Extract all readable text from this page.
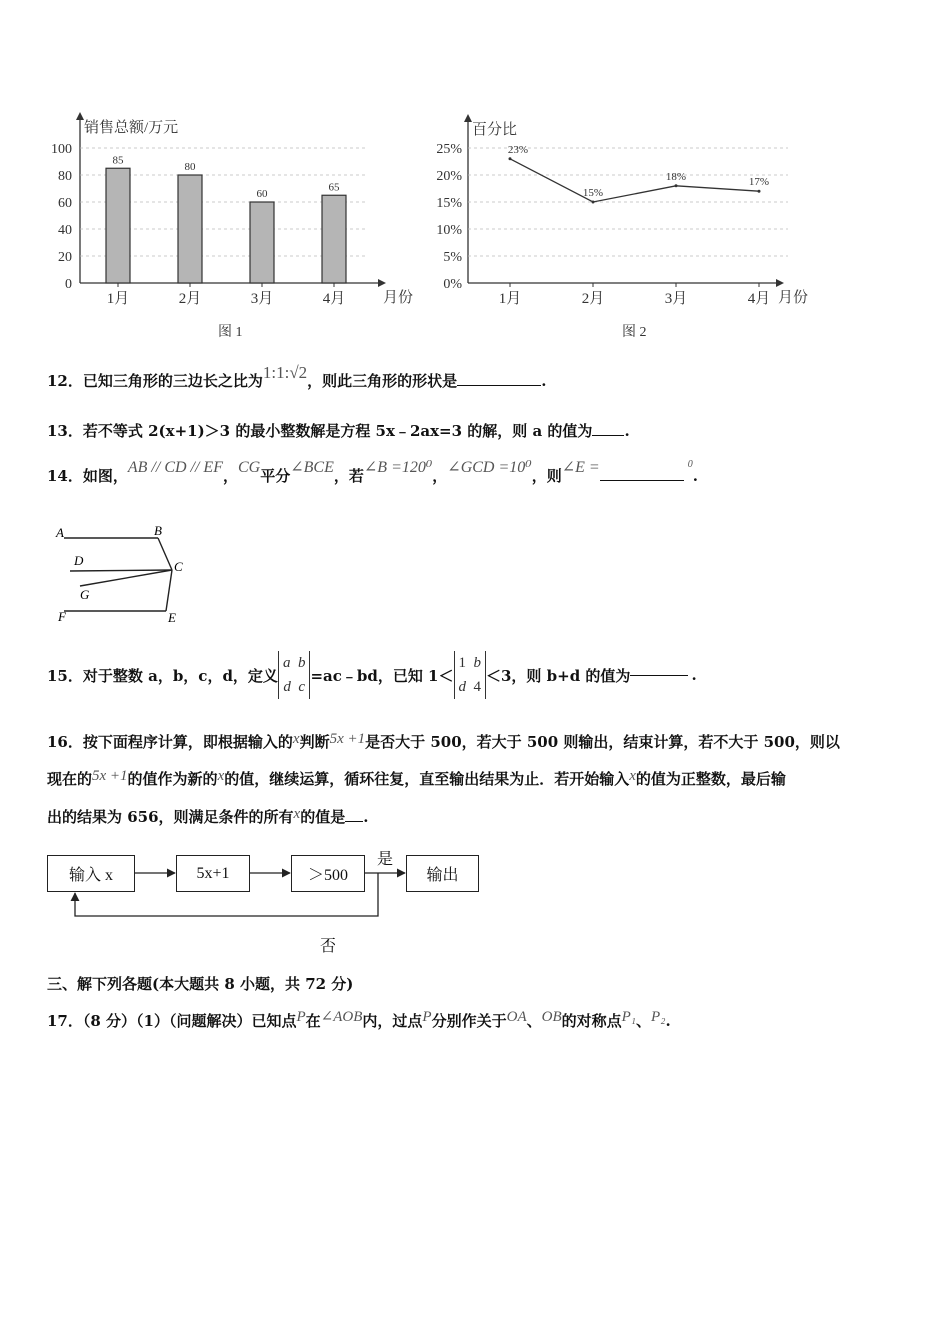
销售总额/万元
月份
图 1
0
20
40
60
80
100
85
1月
80
2月
60
3月
65
4月
百分比
月份
图 2
0%
5%
10%
15%
20%
25%	23%
1月
15%
2月
18%
3月
17%
4月
12．已知三角形的三边长之比为1:1:√2，则此三角形的形状是	.
13．若不等式 2(x+1)＞3 的最小整数解是方程 5x﹣2ax=3 的解，则 a 的值为 .
14．如图，AB // CD // EF，CG平分∠BCE，若∠B =120⁰，∠GCD =10⁰，则∠E =	$^0$.
A	B
D	C
G
F	E
15． 对于整数 a，b，c，d，定义
a b
d c
=ac﹣bd，已知 1＜
1 b
d 4
＜3，则 b+d 的值为	.
16．按下面程序计算，即根据输入的x判断5x +1是否大于 500，若大于 500 则输出，结束计算，若不大于 500，则以
现在的5x +1的值作为新的x的值，继续运算，循环往复，直至输出结果为止．若开始输入x的值为正整数，最后输
出的结果为 656，则满足条件的所有x的值是 .
输入 x	5x+1	＞500	输出
是
否
三、解下列各题(本大题共 8 小题，共 72 分)
17．（8 分）（1）（问题解决）已知点P在∠AOB内，过点P分别作关于OA、OB的对称点P₁、P₂.
